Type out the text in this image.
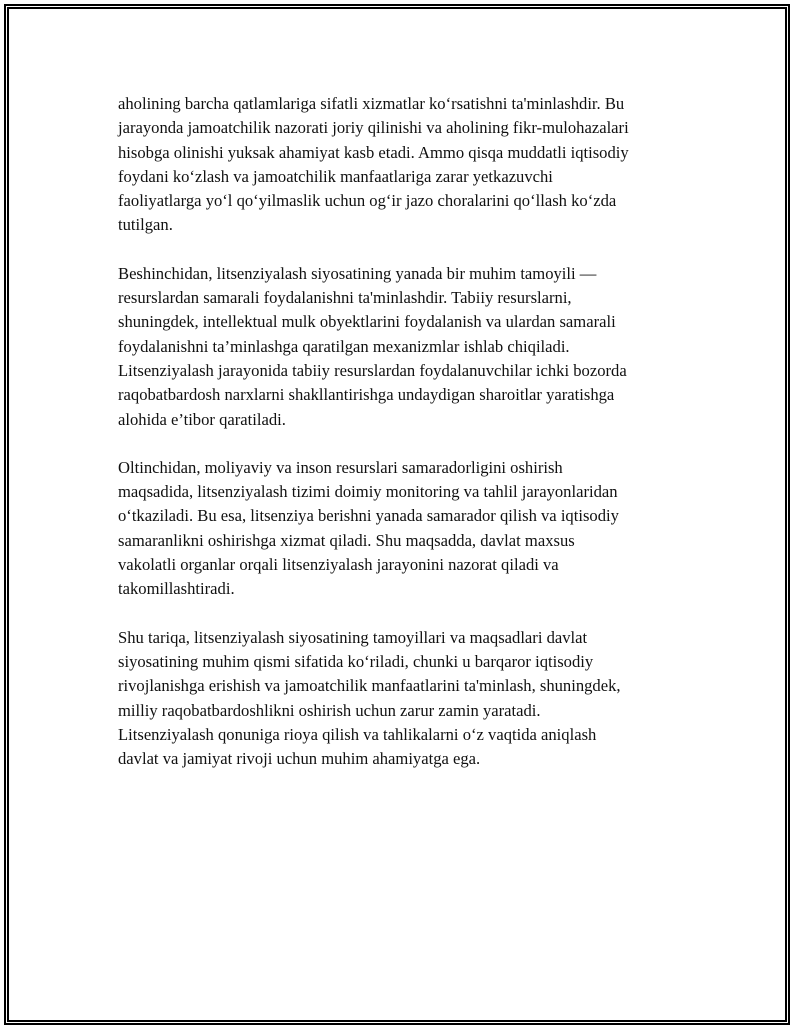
aholining barcha qatlamlariga sifatli xizmatlar ko‘rsatishni ta'minlashdir. Bu
jarayonda jamoatchilik nazorati joriy qilinishi va aholining fikr-mulohazalari
hisobga olinishi yuksak ahamiyat kasb etadi. Ammo qisqa muddatli iqtisodiy
foydani ko‘zlash va jamoatchilik manfaatlariga zarar yetkazuvchi
faoliyatlarga yo‘l qo‘yilmaslik uchun og‘ir jazo choralarini qo‘llash ko‘zda
tutilgan.

Beshinchidan, litsenziyalash siyosatining yanada bir muhim tamoyili —
resurslardan samarali foydalanishni ta'minlashdir. Tabiiy resurslarni,
shuningdek, intellektual mulk obyektlarini foydalanish va ulardan samarali
foydalanishni ta’minlashga qaratilgan mexanizmlar ishlab chiqiladi.
Litsenziyalash jarayonida tabiiy resurslardan foydalanuvchilar ichki bozorda
raqobatbardosh narxlarni shakllantirishga undaydigan sharoitlar yaratishga
alohida e’tibor qaratiladi.

Oltinchidan, moliyaviy va inson resurslari samaradorligini oshirish
maqsadida, litsenziyalash tizimi doimiy monitoring va tahlil jarayonlaridan
o‘tkaziladi. Bu esa, litsenziya berishni yanada samarador qilish va iqtisodiy
samaranlikni oshirishga xizmat qiladi. Shu maqsadda, davlat maxsus
vakolatli organlar orqali litsenziyalash jarayonini nazorat qiladi va
takomillashtiradi.

Shu tariqa, litsenziyalash siyosatining tamoyillari va maqsadlari davlat
siyosatining muhim qismi sifatida ko‘riladi, chunki u barqaror iqtisodiy
rivojlanishga erishish va jamoatchilik manfaatlarini ta'minlash, shuningdek,
milliy raqobatbardoshlikni oshirish uchun zarur zamin yaratadi.
Litsenziyalash qonuniga rioya qilish va tahlikalarni o‘z vaqtida aniqlash
davlat va jamiyat rivoji uchun muhim ahamiyatga ega.
